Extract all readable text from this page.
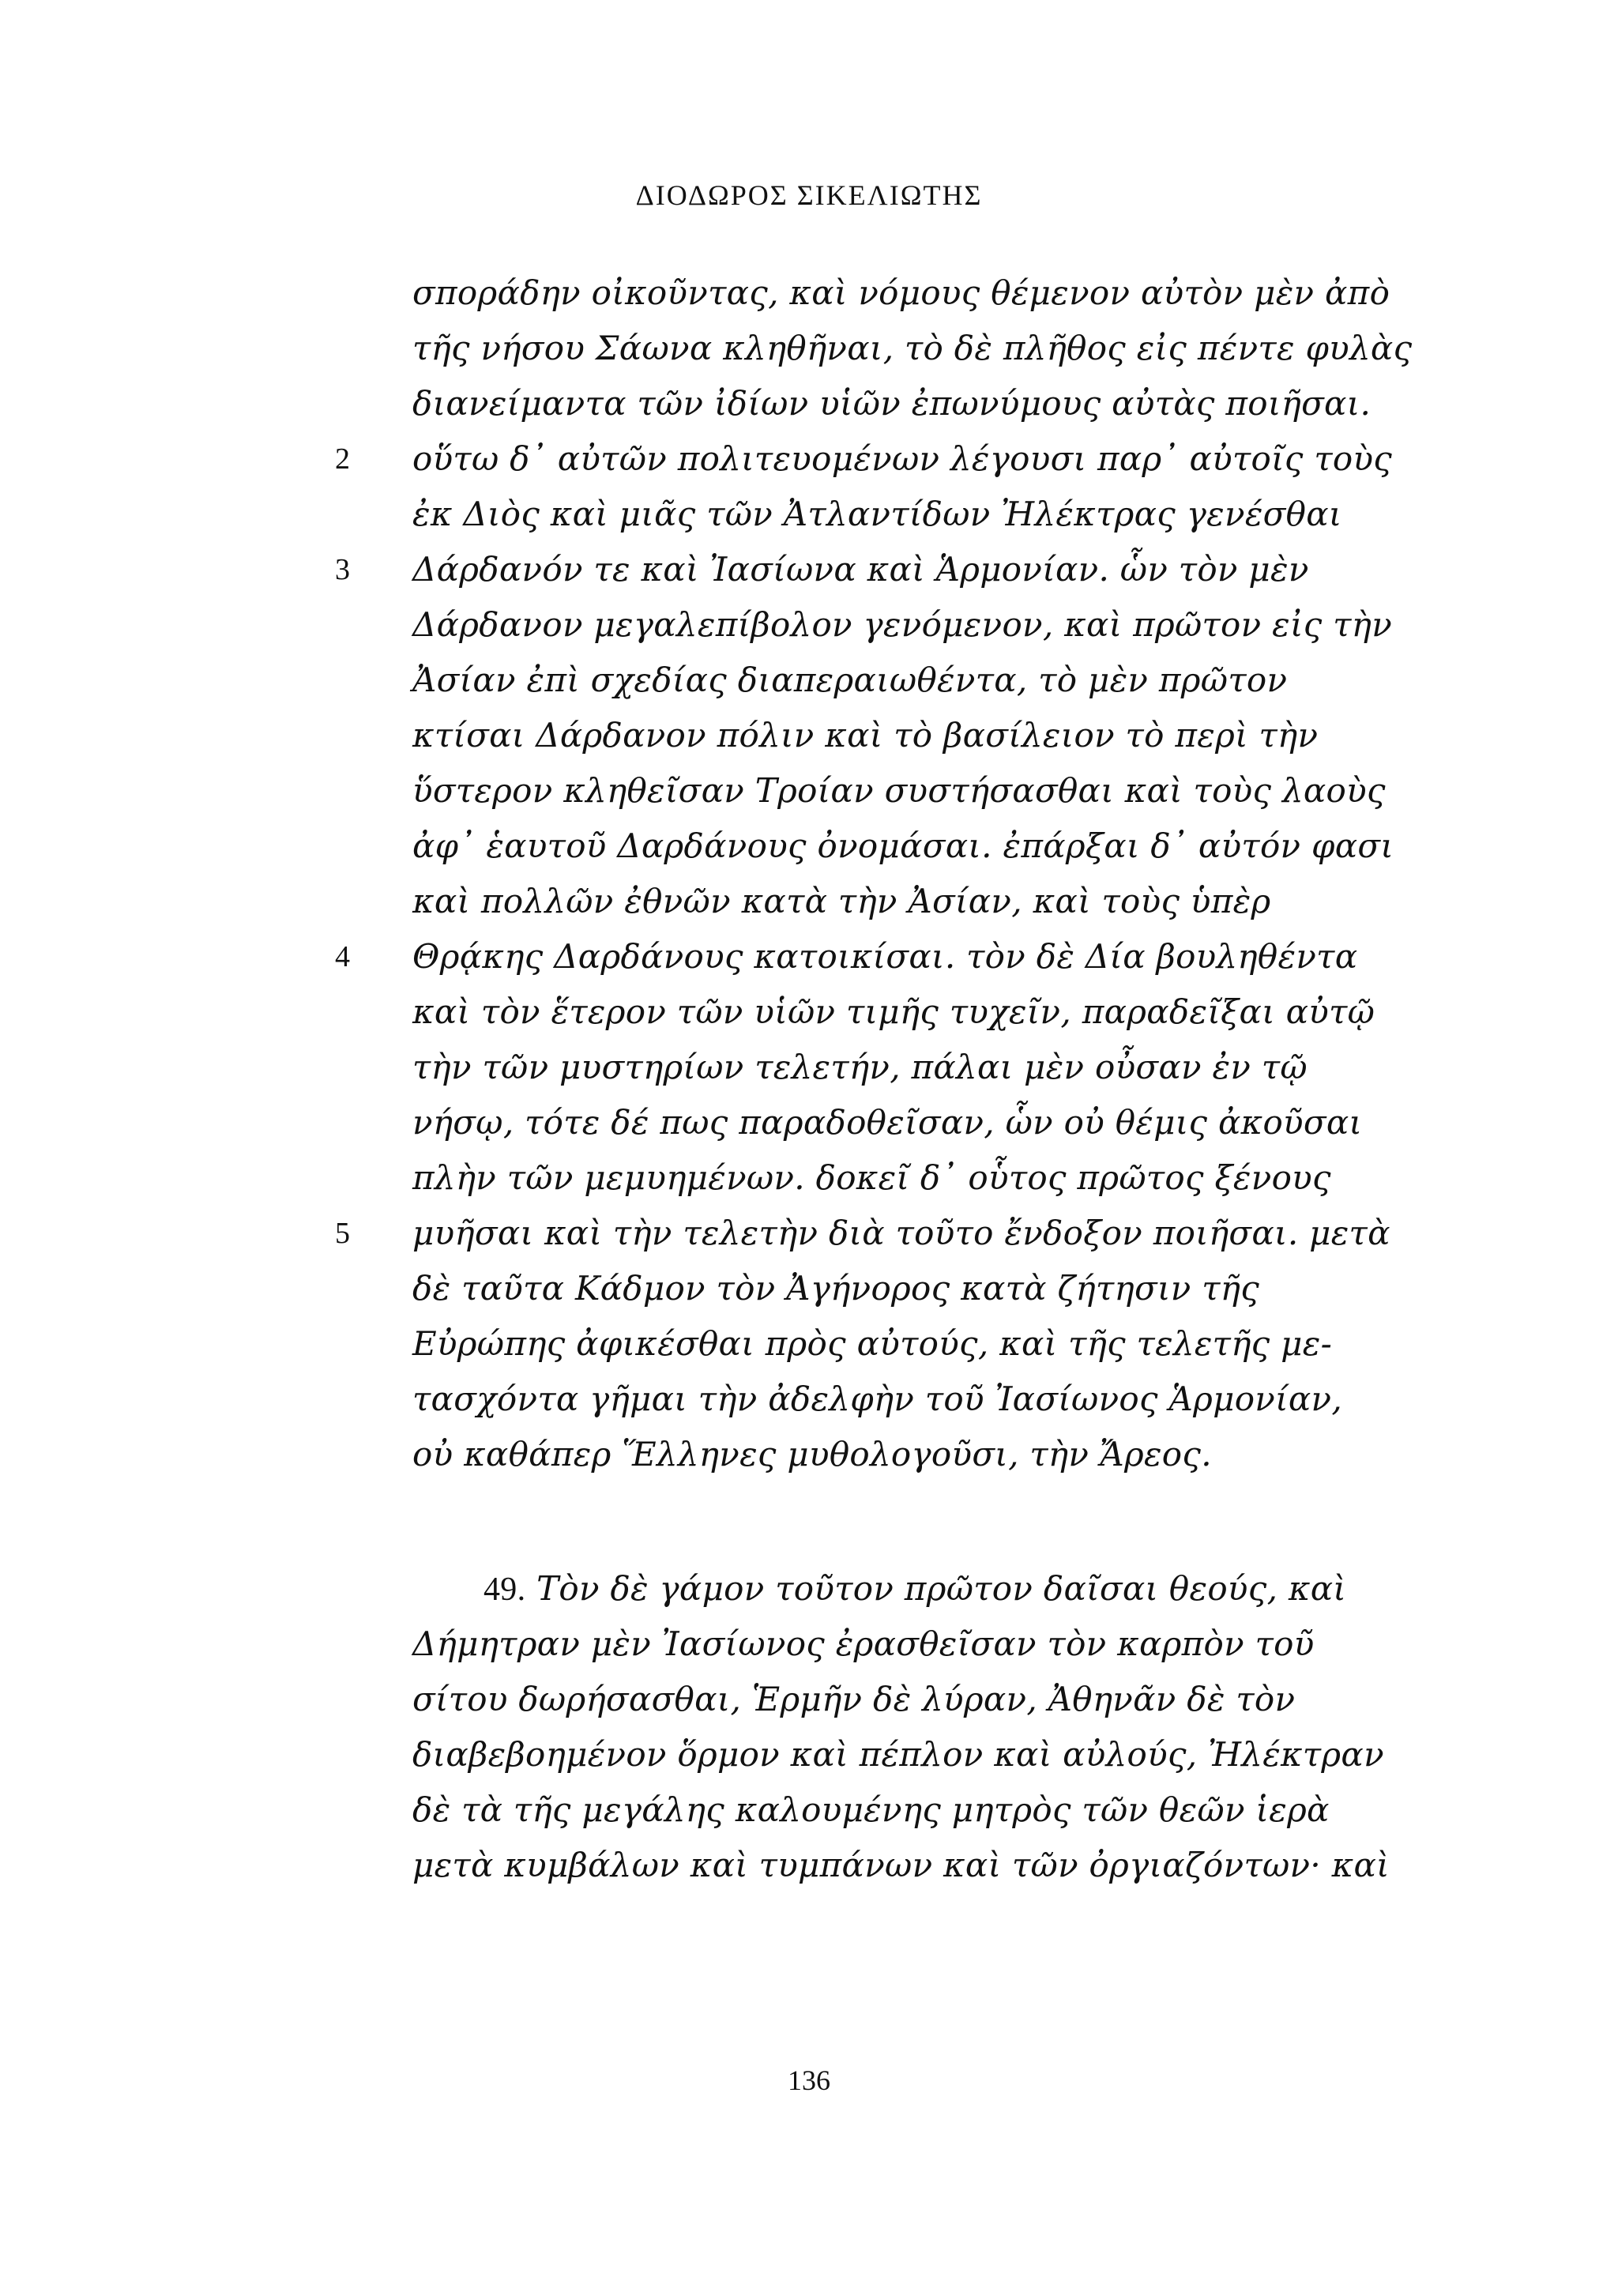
ΔΙΟΔΩΡΟΣ ΣΙΚΕΛΙΩΤΗΣ
σποράδην οἰκοῦντας, καὶ νόμους θέμενον αὐτὸν μὲν ἀπὸ
τῆς νήσου Σάωνα κληθῆναι, τὸ δὲ πλῆθος εἰς πέντε φυλὰς
διανείμαντα τῶν ἰδίων υἱῶν ἐπωνύμους αὐτὰς ποιῆσαι.
2 οὕτω δ᾽ αὐτῶν πολιτευομένων λέγουσι παρ᾽ αὐτοῖς τοὺς
ἐκ Διὸς καὶ μιᾶς τῶν Ἀτλαντίδων Ἠλέκτρας γενέσθαι
3 Δάρδανόν τε καὶ Ἰασίωνα καὶ Ἁρμονίαν. ὧν τὸν μὲν
Δάρδανον μεγαλεπίβολον γενόμενον, καὶ πρῶτον εἰς τὴν
Ἀσίαν ἐπὶ σχεδίας διαπεραιωθέντα, τὸ μὲν πρῶτον
κτίσαι Δάρδανον πόλιν καὶ τὸ βασίλειον τὸ περὶ τὴν
ὕστερον κληθεῖσαν Τροίαν συστήσασθαι καὶ τοὺς λαοὺς
ἀφ᾽ ἑαυτοῦ Δαρδάνους ὀνομάσαι. ἐπάρξαι δ᾽ αὐτόν φασι
καὶ πολλῶν ἐθνῶν κατὰ τὴν Ἀσίαν, καὶ τοὺς ὑπὲρ
4 Θρᾴκης Δαρδάνους κατοικίσαι. τὸν δὲ Δία βουληθέντα
καὶ τὸν ἕτερον τῶν υἱῶν τιμῆς τυχεῖν, παραδεῖξαι αὐτῷ
τὴν τῶν μυστηρίων τελετήν, πάλαι μὲν οὖσαν ἐν τῷ
νήσῳ, τότε δέ πως παραδοθεῖσαν, ὧν οὐ θέμις ἀκοῦσαι
πλὴν τῶν μεμυημένων. δοκεῖ δ᾽ οὗτος πρῶτος ξένους
5 μυῆσαι καὶ τὴν τελετὴν διὰ τοῦτο ἔνδοξον ποιῆσαι. μετὰ
δὲ ταῦτα Κάδμον τὸν Ἀγήνορος κατὰ ζήτησιν τῆς
Εὐρώπης ἀφικέσθαι πρὸς αὐτούς, καὶ τῆς τελετῆς με-
τασχόντα γῆμαι τὴν ἀδελφὴν τοῦ Ἰασίωνος Ἁρμονίαν,
οὐ καθάπερ Ἕλληνες μυθολογοῦσι, τὴν Ἄρεος.
49. Τὸν δὲ γάμον τοῦτον πρῶτον δαῖσαι θεούς, καὶ
Δήμητραν μὲν Ἰασίωνος ἐρασθεῖσαν τὸν καρπὸν τοῦ
σίτου δωρήσασθαι, Ἑρμῆν δὲ λύραν, Ἀθηνᾶν δὲ τὸν
διαβεβοημένον ὅρμον καὶ πέπλον καὶ αὐλούς, Ἠλέκτραν
δὲ τὰ τῆς μεγάλης καλουμένης μητρὸς τῶν θεῶν ἱερὰ
μετὰ κυμβάλων καὶ τυμπάνων καὶ τῶν ὀργιαζόντων· καὶ
136
